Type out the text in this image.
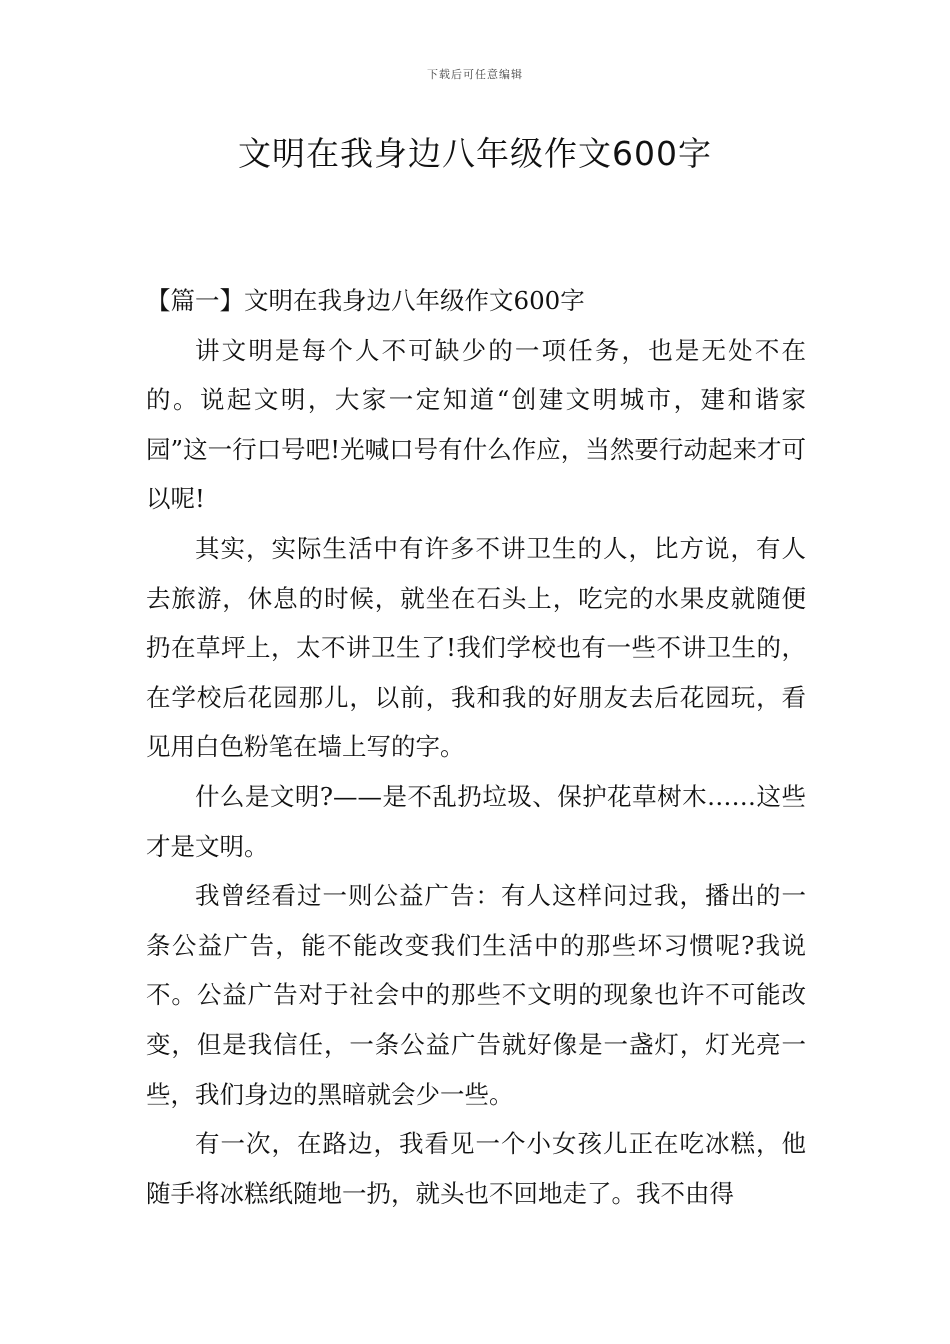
下载后可任意编辑
文明在我身边八年级作文600字

【篇一】文明在我身边八年级作文600字

讲文明是每个人不可缺少的一项任务，也是无处不在的。说起文明，大家一定知道“创建文明城市，建和谐家园”这一行口号吧!光喊口号有什么作应，当然要行动起来才可以呢!

其实，实际生活中有许多不讲卫生的人，比方说，有人去旅游，休息的时候，就坐在石头上，吃完的水果皮就随便扔在草坪上，太不讲卫生了!我们学校也有一些不讲卫生的，在学校后花园那儿，以前，我和我的好朋友去后花园玩，看见用白色粉笔在墙上写的字。

什么是文明?——是不乱扔垃圾、保护花草树木……这些才是文明。

我曾经看过一则公益广告：有人这样问过我，播出的一条公益广告，能不能改变我们生活中的那些坏习惯呢?我说不。公益广告对于社会中的那些不文明的现象也许不可能改变，但是我信任，一条公益广告就好像是一盏灯，灯光亮一些，我们身边的黑暗就会少一些。

有一次，在路边，我看见一个小女孩儿正在吃冰糕，他随手将冰糕纸随地一扔，就头也不回地走了。我不由得
